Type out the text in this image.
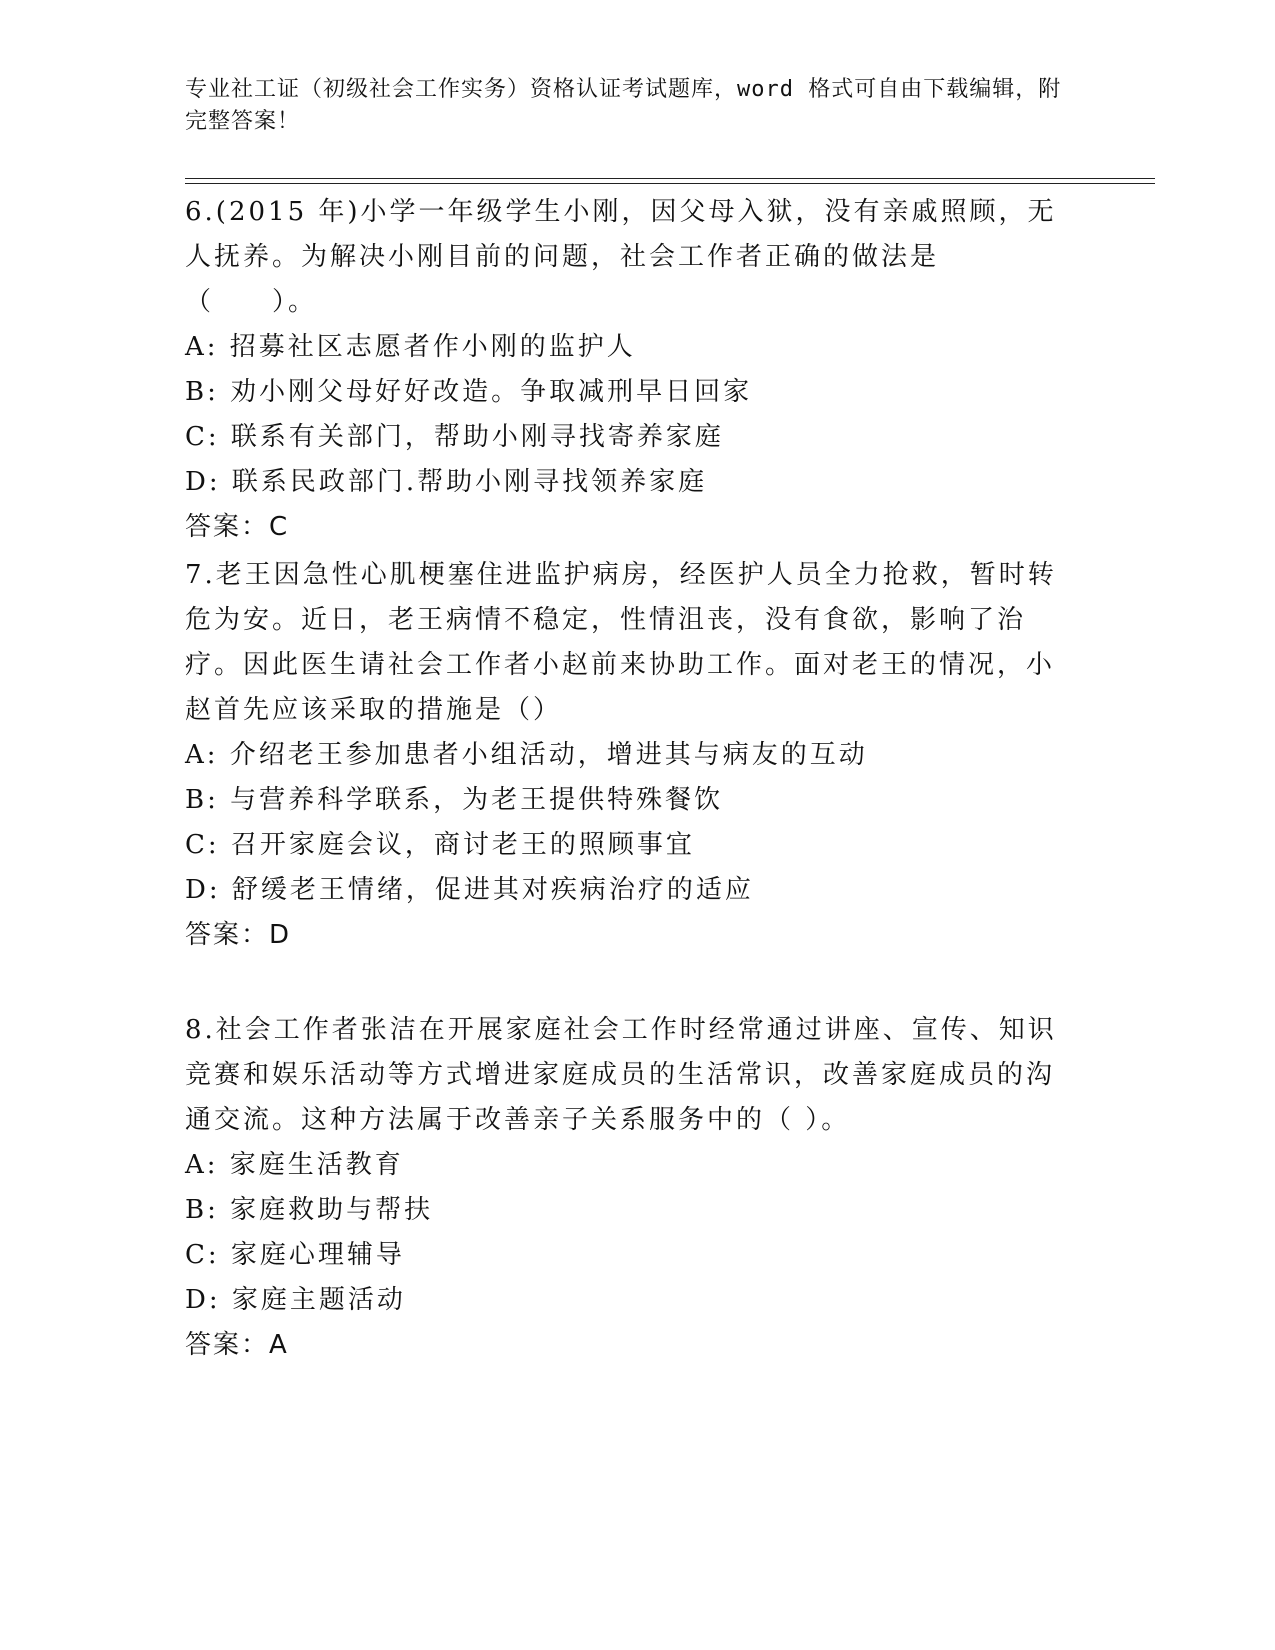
专业社工证（初级社会工作实务）资格认证考试题库，word 格式可自由下载编辑，附完整答案！

6.(2015 年)小学一年级学生小刚，因父母入狱，没有亲戚照顾，无人抚养。为解决小刚目前的问题，社会工作者正确的做法是（　　）。

A: 招募社区志愿者作小刚的监护人

B: 劝小刚父母好好改造。争取减刑早日回家

C: 联系有关部门，帮助小刚寻找寄养家庭

D: 联系民政部门.帮助小刚寻找领养家庭

答案：C

7.老王因急性心肌梗塞住进监护病房，经医护人员全力抢救，暂时转危为安。近日，老王病情不稳定，性情沮丧，没有食欲，影响了治疗。因此医生请社会工作者小赵前来协助工作。面对老王的情况，小赵首先应该采取的措施是（）

A: 介绍老王参加患者小组活动，增进其与病友的互动

B: 与营养科学联系，为老王提供特殊餐饮

C: 召开家庭会议，商讨老王的照顾事宜

D: 舒缓老王情绪，促进其对疾病治疗的适应

答案：D

8.社会工作者张洁在开展家庭社会工作时经常通过讲座、宣传、知识竞赛和娱乐活动等方式增进家庭成员的生活常识，改善家庭成员的沟通交流。这种方法属于改善亲子关系服务中的（ ）。

A: 家庭生活教育

B: 家庭救助与帮扶

C: 家庭心理辅导

D: 家庭主题活动

答案：A
